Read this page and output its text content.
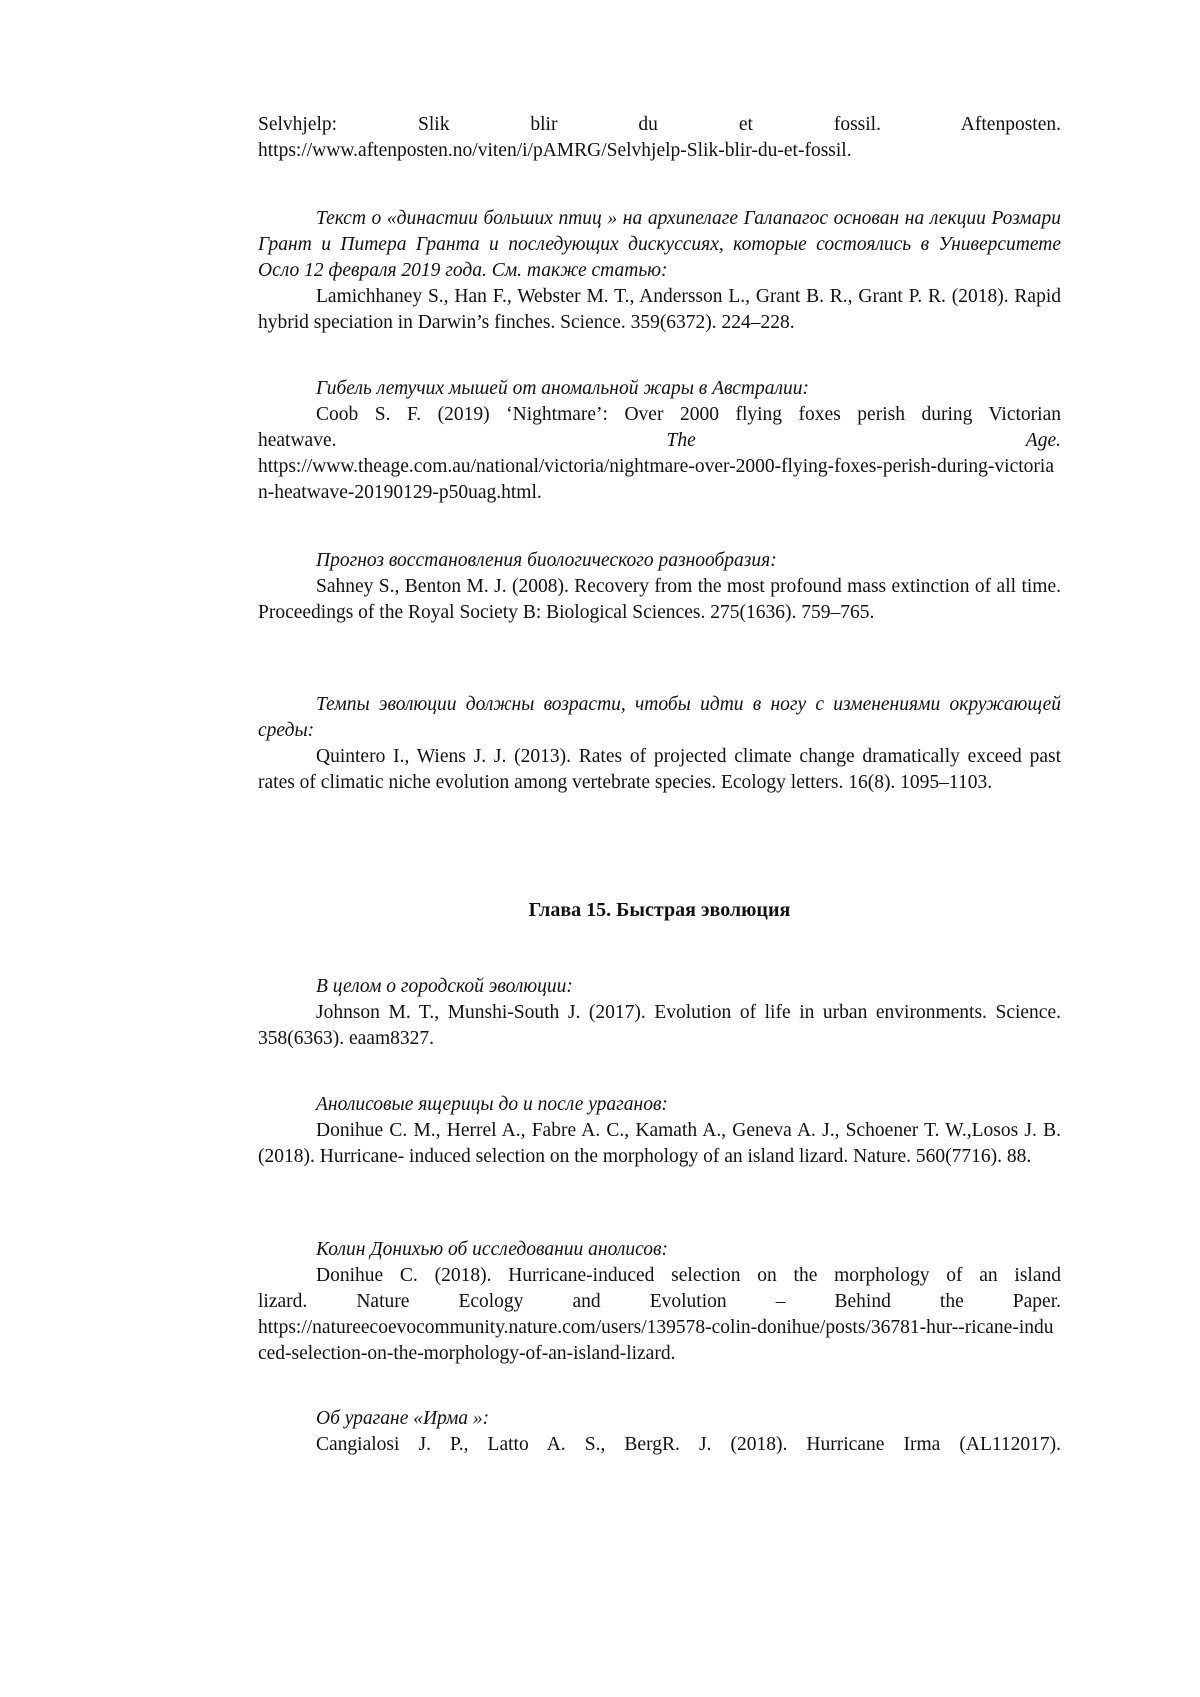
Selvhjelp: Slik blir du et fossil. Aftenposten.

https://www.aftenposten.no/viten/i/pAMRG/Selvhjelp-Slik-blir-du-et-fossil.

Текст о «династии больших птиц » на архипелаге Галапагос основан на лекции Розмари Грант и Питера Гранта и последующих дискуссиях, которые состоялись в Университете Осло 12 февраля 2019 года. См. также статью:

Lamichhaney S., Han F., Webster M. T., Andersson L., Grant B. R., Grant P. R. (2018). Rapid hybrid speciation in Darwin’s finches. Science. 359(6372). 224–228.

Гибель летучих мышей от аномальной жары в Австралии:

Coob S. F. (2019) ‘Nightmare’: Over 2000 flying foxes perish during Victorian

heatwave.	The Age.

https://www.theage.com.au/national/victoria/nightmare-over-2000-flying-foxes-perish-during-victorian-heatwave-20190129-p50uag.html.

Прогноз восстановления биологического разнообразия:

Sahney S., Benton M. J. (2008). Recovery from the most profound mass extinction of all time. Proceedings of the Royal Society B: Biological Sciences. 275(1636). 759–765.

Темпы эволюции должны возрасти, чтобы идти в ногу с изменениями окружающей среды:

Quintero I., Wiens J. J. (2013). Rates of projected climate change dramatically exceed past rates of climatic niche evolution among vertebrate species. Ecology letters. 16(8). 1095–1103.

Глава 15. Быстрая эволюция

В целом о городской эволюции:

Johnson M. T., Munshi-South J. (2017). Evolution of life in urban environments. Science. 358(6363). eaam8327.

Анолисовые ящерицы до и после ураганов:

Donihue C. M., Herrel A., Fabre A. C., Kamath A., Geneva A. J., Schoener T. W.,Losos J. B. (2018). Hurricane- induced selection on the morphology of an island lizard. Nature. 560(7716). 88.

Колин Донихью об исследовании анолисов:

Donihue C. (2018). Hurricane-induced selection on the morphology of an island

lizard. Nature Ecology and Evolution – Behind the Paper.

https://natureecoevocommunity.nature.com/users/139578-colin-donihue/posts/36781-hur--ricane-induced-selection-on-the-morphology-of-an-island-lizard.

Об урагане «Ирма »:

Cangialosi J. P., Latto A. S., BergR. J. (2018). Hurricane Irma (AL112017).
